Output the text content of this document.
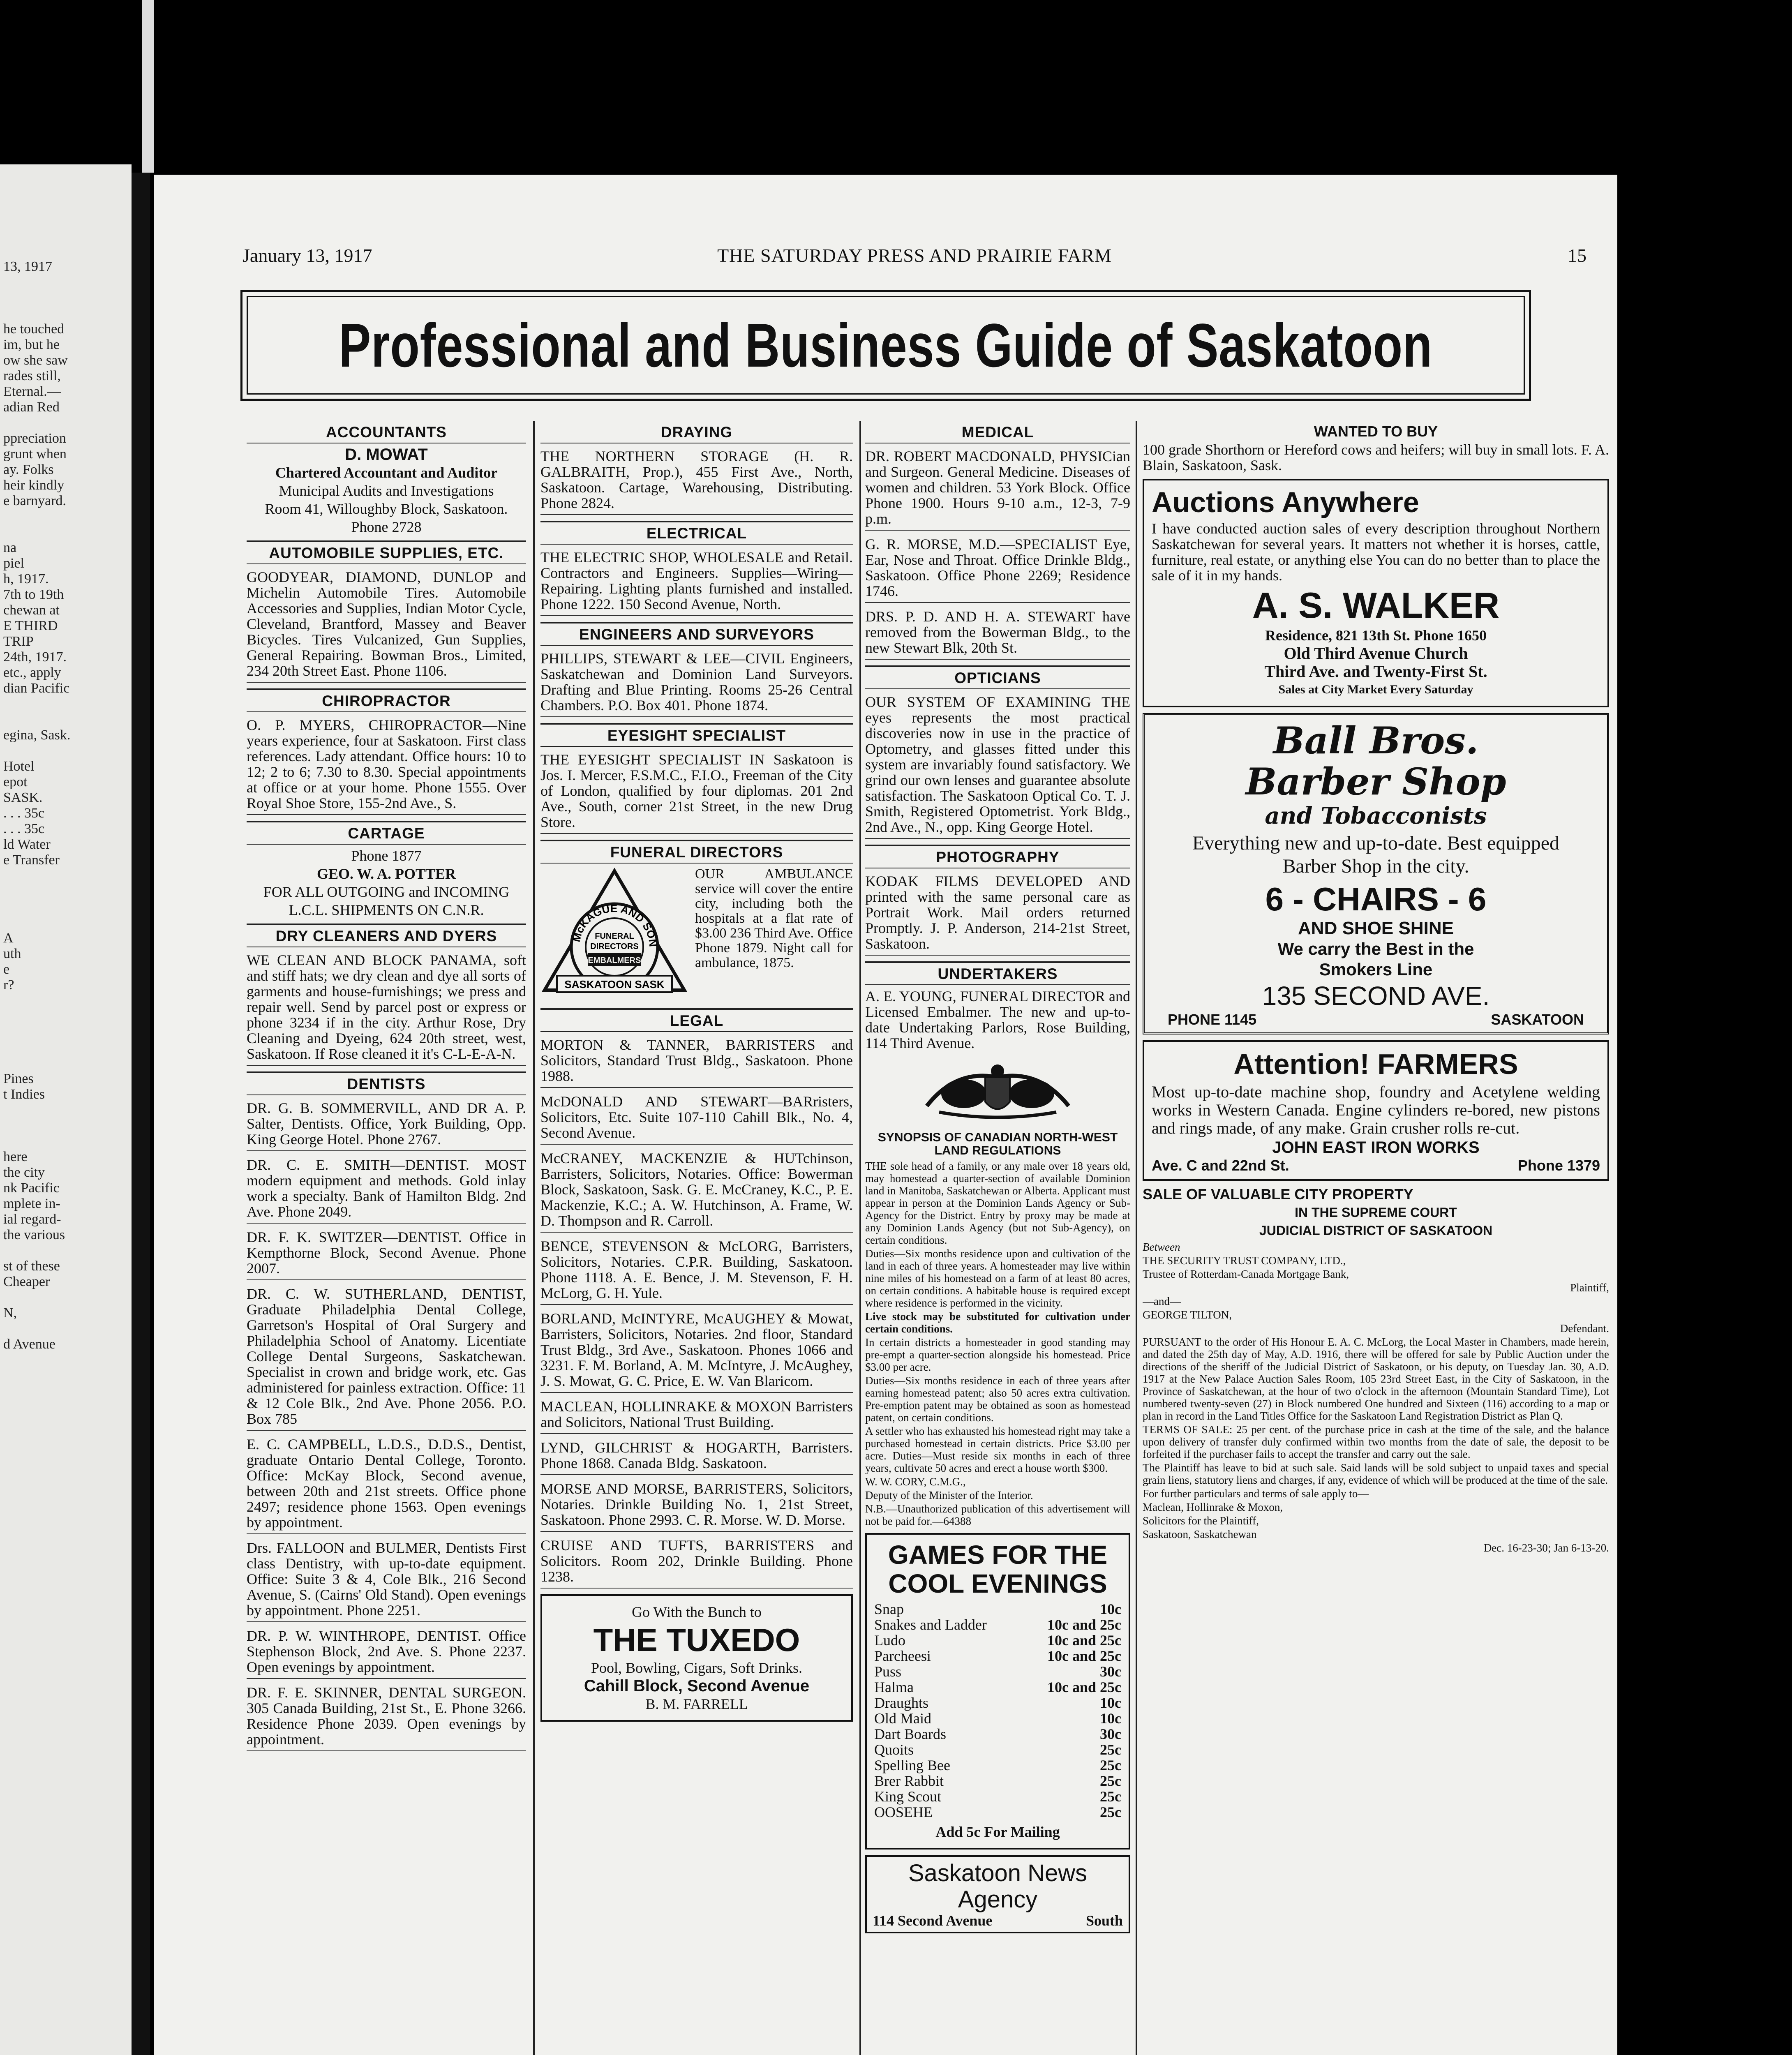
13, 1917

he touched
im, but he
ow she saw
rades still,
Eternal.—
adian Red

ppreciation
grunt when
ay. Folks
heir kindly
e barnyard.

na
piel
h, 1917.
7th to 19th
chewan at
E THIRD
TRIP
24th, 1917.
etc., apply
dian Pacific

egina, Sask.

Hotel
epot
SASK.
. . . 35c
. . . 35c
ld Water
e Transfer

A
uth
e
r?

Pines
t Indies

here
the city
nk Pacific
mplete in-
ial regard-
the various

st of these
Cheaper

N,

d Avenue
January 13, 1917	THE SATURDAY PRESS AND PRAIRIE FARM	15
Professional and Business Guide of Saskatoon
ACCOUNTANTS
D. MOWAT
Chartered Accountant and Auditor
Municipal Audits and Investigations
Room 41, Willoughby Block, Saskatoon.
Phone 2728
AUTOMOBILE SUPPLIES, ETC.
GOODYEAR, DIAMOND, DUNLOP and Michelin Automobile Tires. Automobile Accessories and Supplies, Indian Motor Cycle, Cleveland, Brantford, Massey and Beaver Bicycles. Tires Vulcanized, Gun Supplies, General Repairing. Bowman Bros., Limited, 234 20th Street East. Phone 1106.
CHIROPRACTOR
O. P. MYERS, CHIROPRACTOR—Nine years experience, four at Saskatoon. First class references. Lady attendant. Office hours: 10 to 12; 2 to 6; 7.30 to 8.30. Special appointments at office or at your home. Phone 1555. Over Royal Shoe Store, 155-2nd Ave., S.
CARTAGE
Phone 1877
GEO. W. A. POTTER
FOR ALL OUTGOING and INCOMING
L.C.L. SHIPMENTS ON C.N.R.
DRY CLEANERS AND DYERS
WE CLEAN AND BLOCK PANAMA, soft and stiff hats; we dry clean and dye all sorts of garments and house-furnishings; we press and repair well. Send by parcel post or express or phone 3234 if in the city. Arthur Rose, Dry Cleaning and Dyeing, 624 20th street, west, Saskatoon. If Rose cleaned it it's C-L-E-A-N.
DENTISTS
DR. G. B. SOMMERVILL, AND DR A. P. Salter, Dentists. Office, York Building, Opp. King George Hotel. Phone 2767.
DR. C. E. SMITH—DENTIST. MOST modern equipment and methods. Gold inlay work a specialty. Bank of Hamilton Bldg. 2nd Ave. Phone 2049.
DR. F. K. SWITZER—DENTIST. Office in Kempthorne Block, Second Avenue. Phone 2007.
DR. C. W. SUTHERLAND, DENTIST, Graduate Philadelphia Dental College, Garretson's Hospital of Oral Surgery and Philadelphia School of Anatomy. Licentiate College Dental Surgeons, Saskatchewan. Specialist in crown and bridge work, etc. Gas administered for painless extraction. Office: 11 & 12 Cole Blk., 2nd Ave. Phone 2056. P.O. Box 785
E. C. CAMPBELL, L.D.S., D.D.S., Dentist, graduate Ontario Dental College, Toronto. Office: McKay Block, Second avenue, between 20th and 21st streets. Office phone 2497; residence phone 1563. Open evenings by appointment.
Drs. FALLOON and BULMER, Dentists First class Dentistry, with up-to-date equipment. Office: Suite 3 & 4, Cole Blk., 216 Second Avenue, S. (Cairns' Old Stand). Open evenings by appointment. Phone 2251.
DR. P. W. WINTHROPE, DENTIST. Office Stephenson Block, 2nd Ave. S. Phone 2237. Open evenings by appointment.
DR. F. E. SKINNER, DENTAL SURGEON. 305 Canada Building, 21st St., E. Phone 3266. Residence Phone 2039. Open evenings by appointment.
DRAYING
THE NORTHERN STORAGE (H. R. GALBRAITH, Prop.), 455 First Ave., North, Saskatoon. Cartage, Warehousing, Distributing. Phone 2824.
ELECTRICAL
THE ELECTRIC SHOP, WHOLESALE and Retail. Contractors and Engineers. Supplies—Wiring—Repairing. Lighting plants furnished and installed. Phone 1222. 150 Second Avenue, North.
ENGINEERS AND SURVEYORS
PHILLIPS, STEWART & LEE—CIVIL Engineers, Saskatchewan and Dominion Land Surveyors. Drafting and Blue Printing. Rooms 25-26 Central Chambers. P.O. Box 401. Phone 1874.
EYESIGHT SPECIALIST
THE EYESIGHT SPECIALIST IN Saskatoon is Jos. I. Mercer, F.S.M.C., F.I.O., Freeman of the City of London, qualified by four diplomas. 201 2nd Ave., South, corner 21st Street, in the new Drug Store.
FUNERAL DIRECTORS
McKAGUE AND SON
FUNERAL
DIRECTORS
EMBALMERS
SASKATOON SASK
OUR AMBULANCE service will cover the entire city, including both the hospitals at a flat rate of $3.00 236 Third Ave. Office Phone 1879. Night call for ambulance, 1875.
LEGAL
MORTON & TANNER, BARRISTERS and Solicitors, Standard Trust Bldg., Saskatoon. Phone 1988.
McDONALD AND STEWART—BARristers, Solicitors, Etc. Suite 107-110 Cahill Blk., No. 4, Second Avenue.
McCRANEY, MACKENZIE & HUTchinson, Barristers, Solicitors, Notaries. Office: Bowerman Block, Saskatoon, Sask. G. E. McCraney, K.C., P. E. Mackenzie, K.C.; A. W. Hutchinson, A. Frame, W. D. Thompson and R. Carroll.
BENCE, STEVENSON & McLORG, Barristers, Solicitors, Notaries. C.P.R. Building, Saskatoon. Phone 1118. A. E. Bence, J. M. Stevenson, F. H. McLorg, G. H. Yule.
BORLAND, McINTYRE, McAUGHEY & Mowat, Barristers, Solicitors, Notaries. 2nd floor, Standard Trust Bldg., 3rd Ave., Saskatoon. Phones 1066 and 3231. F. M. Borland, A. M. McIntyre, J. McAughey, J. S. Mowat, G. C. Price, E. W. Van Blaricom.
MACLEAN, HOLLINRAKE & MOXON Barristers and Solicitors, National Trust Building.
LYND, GILCHRIST & HOGARTH, Barristers. Phone 1868. Canada Bldg. Saskatoon.
MORSE AND MORSE, BARRISTERS, Solicitors, Notaries. Drinkle Building No. 1, 21st Street, Saskatoon. Phone 2993. C. R. Morse. W. D. Morse.
CRUISE AND TUFTS, BARRISTERS and Solicitors. Room 202, Drinkle Building. Phone 1238.
Go With the Bunch to
THE TUXEDO
Pool, Bowling, Cigars, Soft Drinks.
Cahill Block, Second Avenue
B. M. FARRELL
MEDICAL
DR. ROBERT MACDONALD, PHYSICian and Surgeon. General Medicine. Diseases of women and children. 53 York Block. Office Phone 1900. Hours 9-10 a.m., 12-3, 7-9 p.m.
G. R. MORSE, M.D.—SPECIALIST Eye, Ear, Nose and Throat. Office Drinkle Bldg., Saskatoon. Office Phone 2269; Residence 1746.
DRS. P. D. AND H. A. STEWART have removed from the Bowerman Bldg., to the new Stewart Blk, 20th St.
OPTICIANS
OUR SYSTEM OF EXAMINING THE eyes represents the most practical discoveries now in use in the practice of Optometry, and glasses fitted under this system are invariably found satisfactory. We grind our own lenses and guarantee absolute satisfaction. The Saskatoon Optical Co. T. J. Smith, Registered Optometrist. York Bldg., 2nd Ave., N., opp. King George Hotel.
PHOTOGRAPHY
KODAK FILMS DEVELOPED AND printed with the same personal care as Portrait Work. Mail orders returned Promptly. J. P. Anderson, 214-21st Street, Saskatoon.
UNDERTAKERS
A. E. YOUNG, FUNERAL DIRECTOR and Licensed Embalmer. The new and up-to-date Undertaking Parlors, Rose Building, 114 Third Avenue.
SYNOPSIS OF CANADIAN NORTH-WEST LAND REGULATIONS
THE sole head of a family, or any male over 18 years old, may homestead a quarter-section of available Dominion land in Manitoba, Saskatchewan or Alberta. Applicant must appear in person at the Dominion Lands Agency or Sub-Agency for the District. Entry by proxy may be made at any Dominion Lands Agency (but not Sub-Agency), on certain conditions.
Duties—Six months residence upon and cultivation of the land in each of three years. A homesteader may live within nine miles of his homestead on a farm of at least 80 acres, on certain conditions. A habitable house is required except where residence is performed in the vicinity.
Live stock may be substituted for cultivation under certain conditions.
In certain districts a homesteader in good standing may pre-empt a quarter-section alongside his homestead. Price $3.00 per acre.
Duties—Six months residence in each of three years after earning homestead patent; also 50 acres extra cultivation. Pre-emption patent may be obtained as soon as homestead patent, on certain conditions.
A settler who has exhausted his homestead right may take a purchased homestead in certain districts. Price $3.00 per acre. Duties—Must reside six months in each of three years, cultivate 50 acres and erect a house worth $300.
W. W. CORY, C.M.G.,
Deputy of the Minister of the Interior.
N.B.—Unauthorized publication of this advertisement will not be paid for.—64388
GAMES FOR THE
COOL EVENINGS
Snap	10c
Snakes and Ladder	10c and 25c
Ludo	10c and 25c
Parcheesi	10c and 25c
Puss	30c
Halma	10c and 25c
Draughts	10c
Old Maid	10c
Dart Boards	30c
Quoits	25c
Spelling Bee	25c
Brer Rabbit	25c
King Scout	25c
OOSEHE	25c
Add 5c For Mailing
Saskatoon News Agency
114 Second Avenue	South
WANTED TO BUY
100 grade Shorthorn or Hereford cows and heifers; will buy in small lots. F. A. Blain, Saskatoon, Sask.
Auctions Anywhere
I have conducted auction sales of every description throughout Northern Saskatchewan for several years. It matters not whether it is horses, cattle, furniture, real estate, or anything else You can do no better than to place the sale of it in my hands.
A. S. WALKER
Residence, 821 13th St. Phone 1650
Old Third Avenue Church
Third Ave. and Twenty-First St.
Sales at City Market Every Saturday
Ball Bros.
Barber Shop
and Tobacconists
Everything new and up-to-date. Best equipped Barber Shop in the city.
6 - CHAIRS - 6
AND SHOE SHINE
We carry the Best in the
Smokers Line
135 SECOND AVE.
PHONE 1145	SASKATOON
Attention! FARMERS
Most up-to-date machine shop, foundry and Acetylene welding works in Western Canada. Engine cylinders re-bored, new pistons and rings made, of any make. Grain crusher rolls re-cut.
JOHN EAST IRON WORKS
Ave. C and 22nd St.	Phone 1379
SALE OF VALUABLE CITY PROPERTY
IN THE SUPREME COURT
JUDICIAL DISTRICT OF SASKATOON
Between
THE SECURITY TRUST COMPANY, LTD.,
Trustee of Rotterdam-Canada Mortgage Bank,
Plaintiff,
—and—
GEORGE TILTON,
Defendant.
PURSUANT to the order of His Honour E. A. C. McLorg, the Local Master in Chambers, made herein, and dated the 25th day of May, A.D. 1916, there will be offered for sale by Public Auction under the directions of the sheriff of the Judicial District of Saskatoon, or his deputy, on Tuesday Jan. 30, A.D. 1917 at the New Palace Auction Sales Room, 105 23rd Street East, in the City of Saskatoon, in the Province of Saskatchewan, at the hour of two o'clock in the afternoon (Mountain Standard Time), Lot numbered twenty-seven (27) in Block numbered One hundred and Sixteen (116) according to a map or plan in record in the Land Titles Office for the Saskatoon Land Registration District as Plan Q.
TERMS OF SALE: 25 per cent. of the purchase price in cash at the time of the sale, and the balance upon delivery of transfer duly confirmed within two months from the date of sale, the deposit to be forfeited if the purchaser fails to accept the transfer and carry out the sale.
The Plaintiff has leave to bid at such sale. Said lands will be sold subject to unpaid taxes and special grain liens, statutory liens and charges, if any, evidence of which will be produced at the time of the sale.
For further particulars and terms of sale apply to—
Maclean, Hollinrake & Moxon,
Solicitors for the Plaintiff,
Saskatoon, Saskatchewan
Dec. 16-23-30; Jan 6-13-20.
